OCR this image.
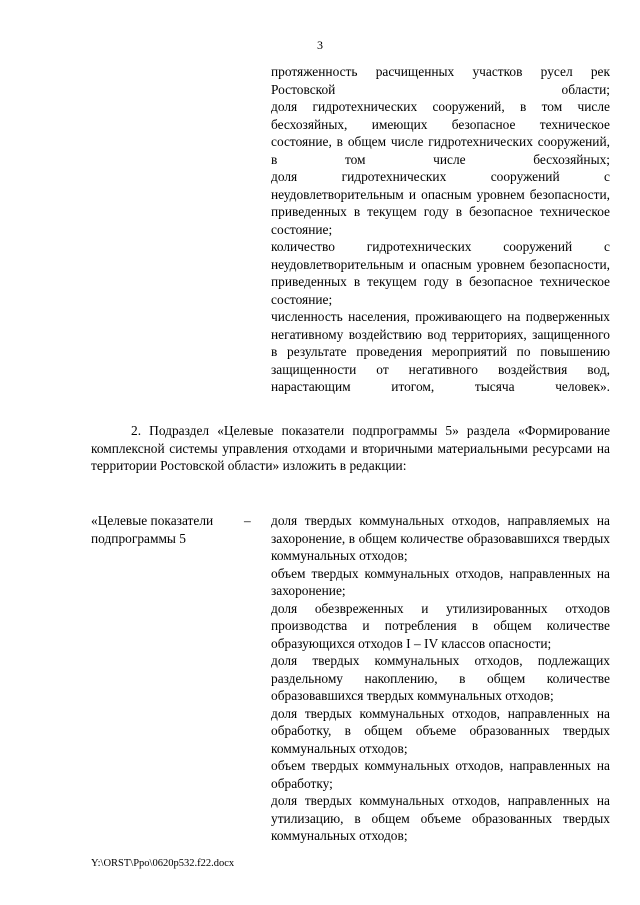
3

протяженность расчищенных участков русел рек Ростовской области;

доля гидротехнических сооружений, в том числе бесхозяйных, имеющих безопасное техническое состояние, в общем числе гидротехнических сооружений, в том числе бесхозяйных;

доля гидротехнических сооружений с неудовлетворительным и опасным уровнем безопасности, приведенных в текущем году в безопасное техническое состояние;

количество гидротехнических сооружений с неудовлетворительным и опасным уровнем безопасности, приведенных в текущем году в безопасное техническое состояние;

численность населения, проживающего на подверженных негативному воздействию вод территориях, защищенного в результате проведения мероприятий по повышению защищенности от негативного воздействия вод, нарастающим итогом, тысяча человек».

2. Подраздел «Целевые показатели подпрограммы 5» раздела «Формирование комплексной системы управления отходами и вторичными материальными ресурсами на территории Ростовской области» изложить в редакции:
«Целевые показатели подпрограммы 5
– доля твердых коммунальных отходов, направляемых на захоронение, в общем количестве образовавшихся твердых коммунальных отходов;

объем твердых коммунальных отходов, направленных на захоронение;

доля обезвреженных и утилизированных отходов производства и потребления в общем количестве образующихся отходов I – IV классов опасности;

доля твердых коммунальных отходов, подлежащих раздельному накоплению, в общем количестве образовавшихся твердых коммунальных отходов;

доля твердых коммунальных отходов, направленных на обработку, в общем объеме образованных твердых коммунальных отходов;

объем твердых коммунальных отходов, направленных на обработку;

доля твердых коммунальных отходов, направленных на утилизацию, в общем объеме образованных твердых коммунальных отходов;

Y:\ORST\Ppo\0620p532.f22.docx
